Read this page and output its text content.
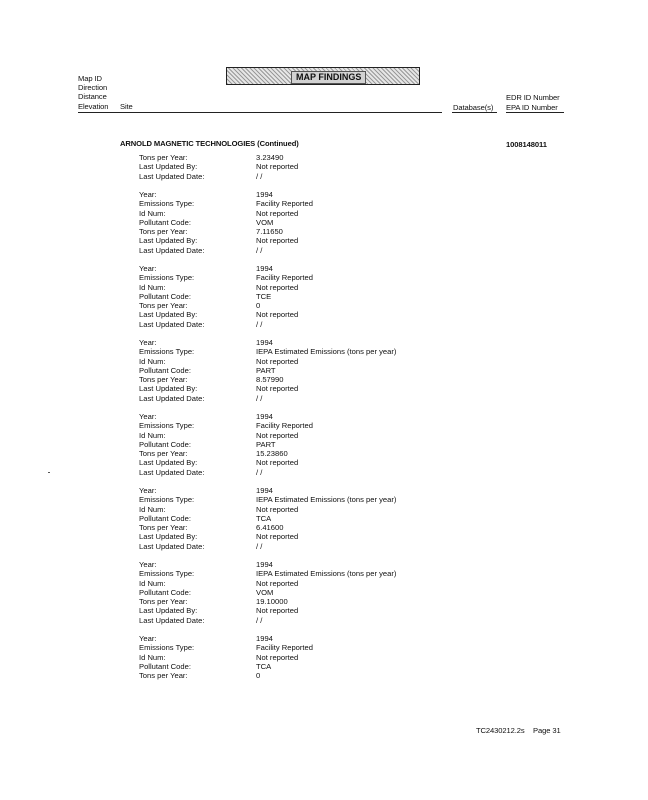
MAP FINDINGS
Map ID
Direction
Distance
Elevation Site	Database(s)
EDR ID Number
EPA ID Number
ARNOLD MAGNETIC TECHNOLOGIES (Continued)	1008148011
Tons per Year:	3.23490
Last Updated By:	Not reported
Last Updated Date:	/ /
Year:	1994
Emissions Type:	Facility Reported
Id Num:	Not reported
Pollutant Code:	VOM
Tons per Year:	7.11650
Last Updated By:	Not reported
Last Updated Date:	/ /
Year:	1994
Emissions Type:	Facility Reported
Id Num:	Not reported
Pollutant Code:	TCE
Tons per Year:	0
Last Updated By:	Not reported
Last Updated Date:	/ /
Year:	1994
Emissions Type:	IEPA Estimated Emissions (tons per year)
Id Num:	Not reported
Pollutant Code:	PART
Tons per Year:	8.57990
Last Updated By:	Not reported
Last Updated Date:	/ /
Year:	1994
Emissions Type:	Facility Reported
Id Num:	Not reported
Pollutant Code:	PART
Tons per Year:	15.23860
Last Updated By:	Not reported
Last Updated Date:	/ /
Year:	1994
Emissions Type:	IEPA Estimated Emissions (tons per year)
Id Num:	Not reported
Pollutant Code:	TCA
Tons per Year:	6.41600
Last Updated By:	Not reported
Last Updated Date:	/ /
Year:	1994
Emissions Type:	IEPA Estimated Emissions (tons per year)
Id Num:	Not reported
Pollutant Code:	VOM
Tons per Year:	19.10000
Last Updated By:	Not reported
Last Updated Date:	/ /
Year:	1994
Emissions Type:	Facility Reported
Id Num:	Not reported
Pollutant Code:	TCA
Tons per Year:	0
TC2430212.2s Page 31
